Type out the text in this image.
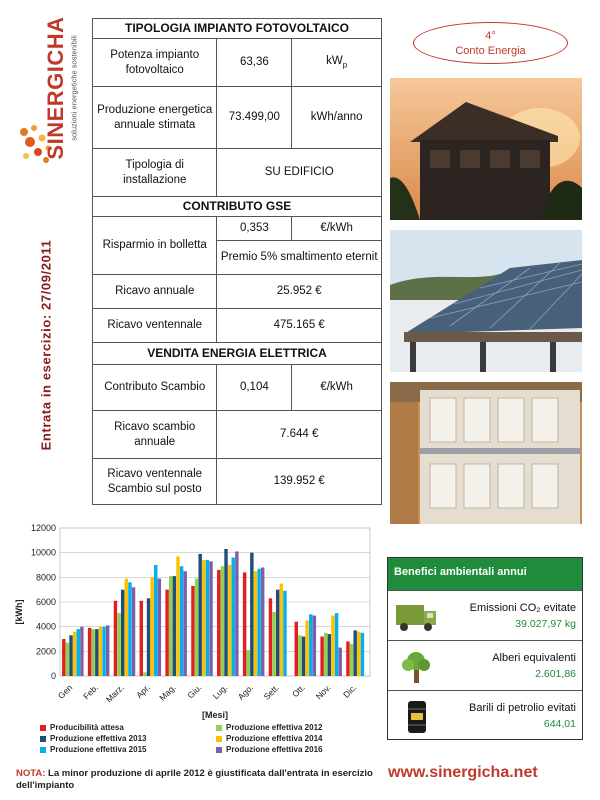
SINERGICHA soluzioni energetiche sostenibili
Entrata in esercizio: 27/09/2011
TIPOLOGIA IMPIANTO FOTOVOLTAICO		
Potenza impianto fotovoltaico	63,36	$kW_p$
Produzione energetica annuale stimata	73.499,00	kWh/anno
Tipologia di installazione	SU EDIFICIO	
CONTRIBUTO GSE		
Risparmio in bolletta	0,353	€/kWh
	Premio 5% smaltimento eternit	
Ricavo annuale	25.952 €	
Ricavo ventennale	475.165 €	
VENDITA ENERGIA ELETTRICA		
Contributo Scambio	0,104	€/kWh
Ricavo scambio annuale	7.644 €	
Ricavo ventennale Scambio sul posto	139.952 €	
4°
Conto Energia
0
2000
4000
6000
8000
10000
12000
Gen Feb. Marz. Apr. Mag. Giu. Lug. Ago. Sett. Ott. Nov. Dic.
[kWh]
[Mesi]
Producibilità attesa	Produzione effettiva 2012
Produzione effettiva 2013	Produzione effettiva 2014
Produzione effettiva 2015	Produzione effettiva 2016
NOTA: La minor produzione di aprile 2012 è giustificata dall'entrata in esercizio dell'impianto
Benefici ambientali annui
Emissioni CO₂ evitate
39.027,97 kg
Alberi equivalenti
2.601,86
Barili di petrolio evitati
644,01
www.sinergicha.net
